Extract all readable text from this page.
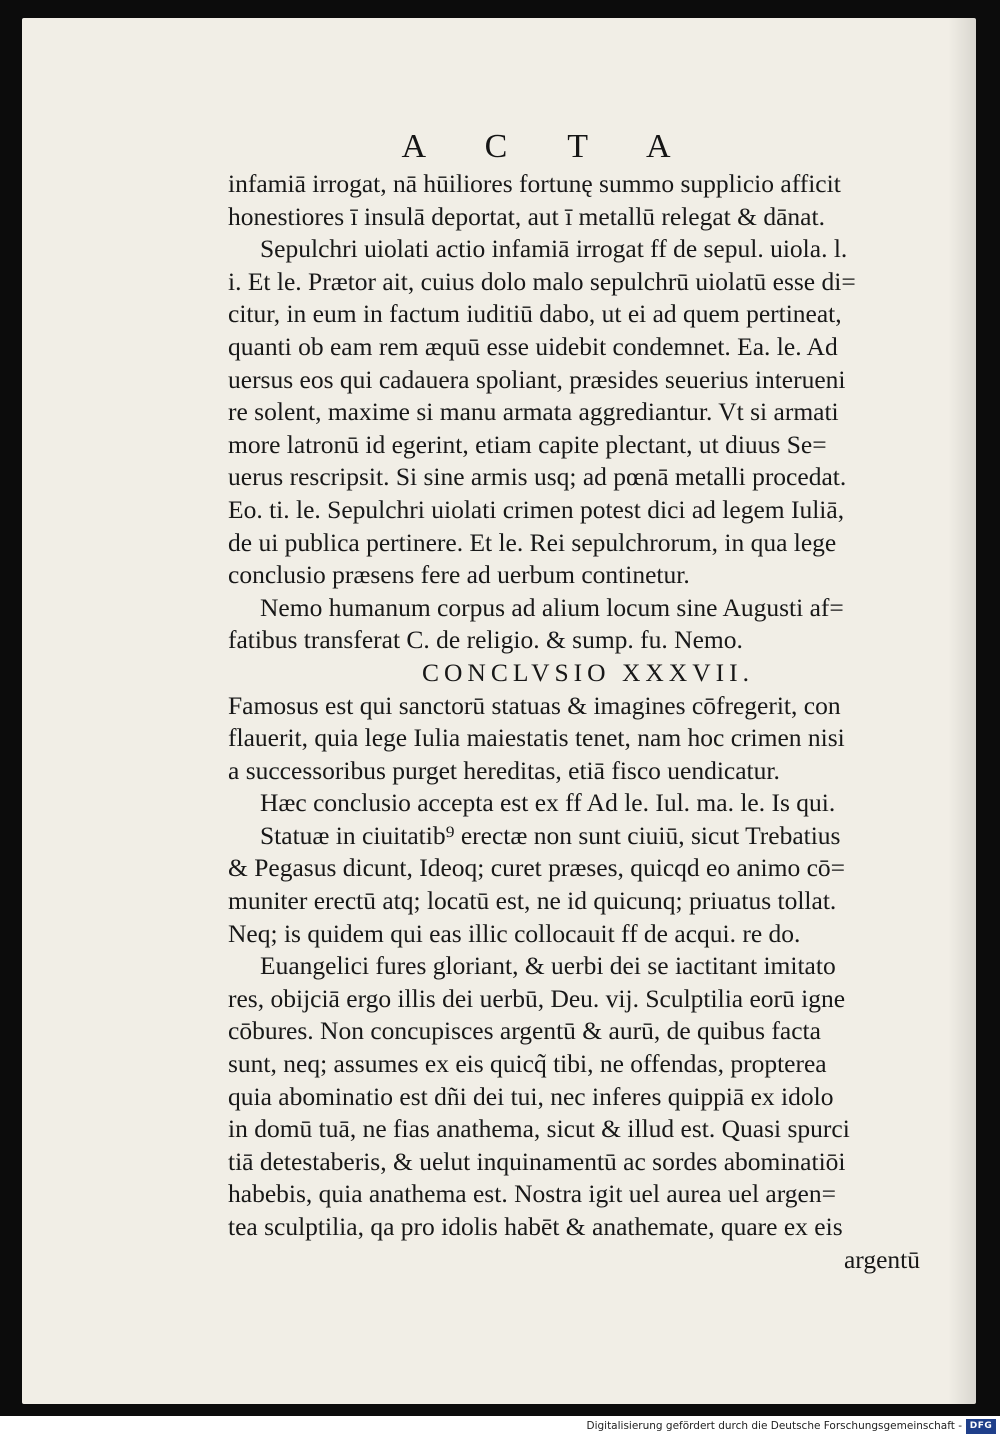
A C T A
infamiā irrogat, nā hūiliores fortunę summo supplicio afficit
honestiores ī insulā deportat, aut ī metallū relegat & dānat.
Sepulchri uiolati actio infamiā irrogat ff de sepul. uiola. l.
i. Et le. Prætor ait, cuius dolo malo sepulchrū uiolatū esse di=
citur, in eum in factum iuditiū dabo, ut ei ad quem pertineat,
quanti ob eam rem æquū esse uidebit condemnet. Ea. le. Ad
uersus eos qui cadauera spoliant, præsides seuerius interueni
re solent, maxime si manu armata aggrediantur. Vt si armati
more latronū id egerint, etiam capite plectant, ut diuus Se=
uerus rescripsit. Si sine armis usq; ad pœnā metalli procedat.
Eo. ti. le. Sepulchri uiolati crimen potest dici ad legem Iuliā,
de ui publica pertinere. Et le. Rei sepulchrorum, in qua lege
conclusio præsens fere ad uerbum continetur.
Nemo humanum corpus ad alium locum sine Augusti af=
fatibus transferat C. de religio. & sump. fu. Nemo.
CONCLVSIO XXXVII.
Famosus est qui sanctorū statuas & imagines cōfregerit, con
flauerit, quia lege Iulia maiestatis tenet, nam hoc crimen nisi
a successoribus purget hereditas, etiā fisco uendicatur.
Hæc conclusio accepta est ex ff Ad le. Iul. ma. le. Is qui.
Statuæ in ciuitatib⁹ erectæ non sunt ciuiū, sicut Trebatius
& Pegasus dicunt, Ideoq; curet præses, quicqd eo animo cō=
muniter erectū atq; locatū est, ne id quicunq; priuatus tollat.
Neq; is quidem qui eas illic collocauit ff de acqui. re do.
Euangelici fures gloriant, & uerbi dei se iactitant imitato
res, obijciā ergo illis dei uerbū, Deu. vij. Sculptilia eorū igne
cōbures. Non concupisces argentū & aurū, de quibus facta
sunt, neq; assumes ex eis quicq̃ tibi, ne offendas, propterea
quia abominatio est dñi dei tui, nec inferes quippiā ex idolo
in domū tuā, ne fias anathema, sicut & illud est. Quasi spurci
tiā detestaberis, & uelut inquinamentū ac sordes abominatiōi
habebis, quia anathema est. Nostra igit uel aurea uel argen=
tea sculptilia, qa pro idolis habēt & anathemate, quare ex eis
argentū
Digitalisierung gefördert durch die Deutsche Forschungsgemeinschaft - DFG
